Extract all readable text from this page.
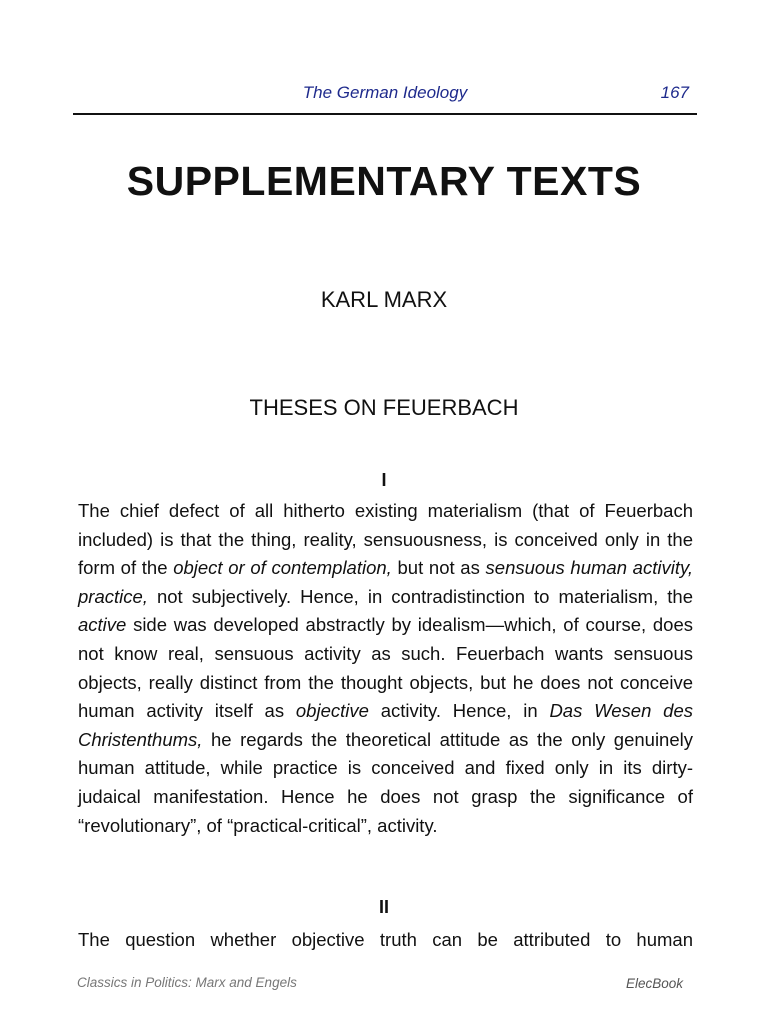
The German Ideology	167
SUPPLEMENTARY TEXTS
KARL MARX
THESES ON FEUERBACH
I

The chief defect of all hitherto existing materialism (that of Feuerbach included) is that the thing, reality, sensuousness, is conceived only in the form of the object or of contemplation, but not as sensuous human activity, practice, not subjectively. Hence, in contradistinction to materialism, the active side was developed abstractly by idealism—which, of course, does not know real, sensuous activity as such. Feuerbach wants sensuous objects, really distinct from the thought objects, but he does not conceive human activity itself as objective activity. Hence, in Das Wesen des Christenthums, he regards the theoretical attitude as the only genuinely human attitude, while practice is conceived and fixed only in its dirty-judaical manifestation. Hence he does not grasp the significance of “revolutionary”, of “practical-critical”, activity.

II

The question whether objective truth can be attributed to human

Classics in Politics: Marx and Engels	ElecBook
